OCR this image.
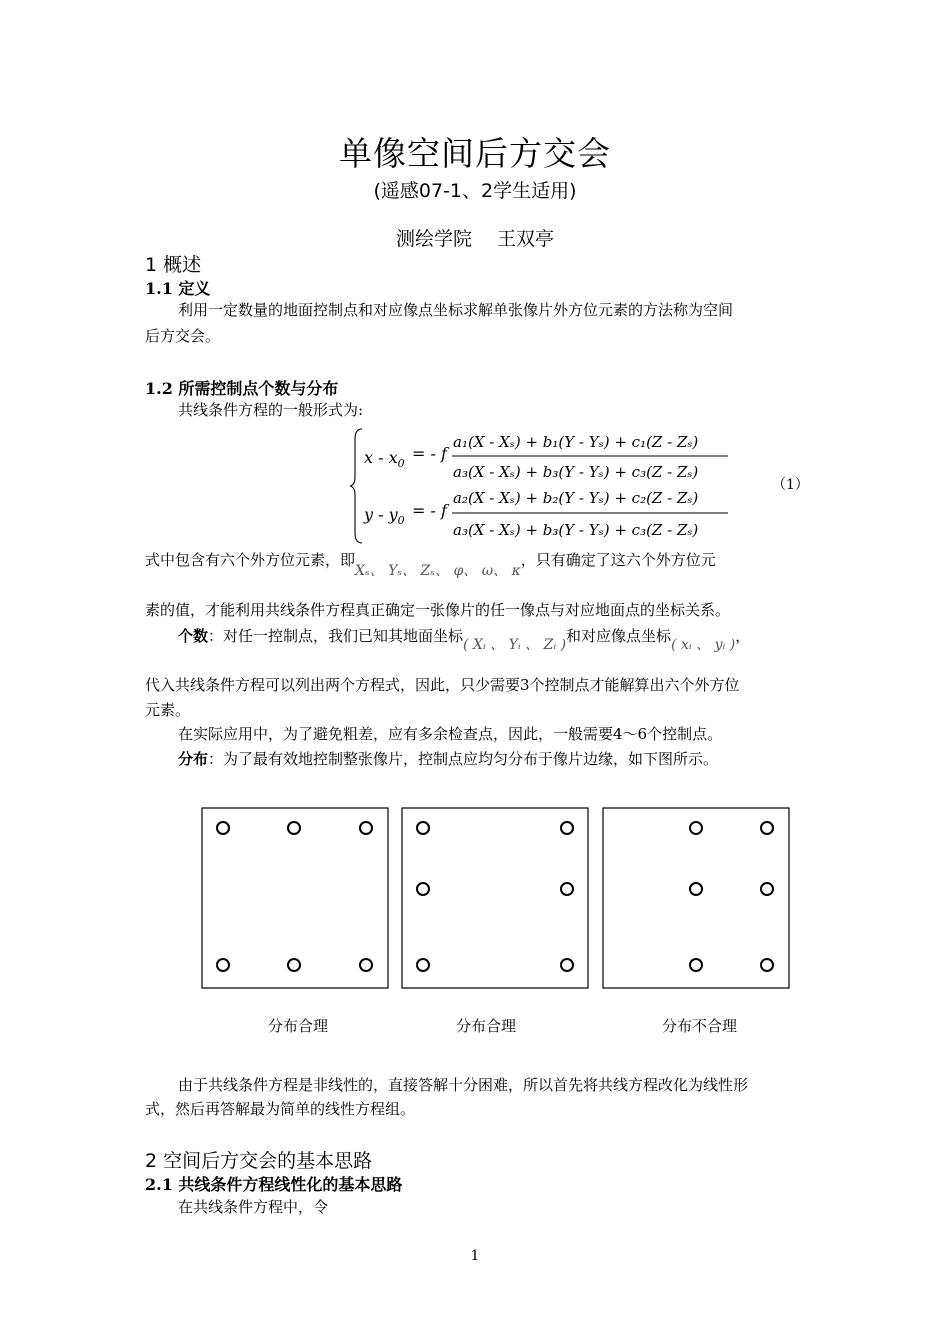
单像空间后方交会
(遥感07-1、2学生适用)
测绘学院　 王双亭
1 概述
1.1 定义
利用一定数量的地面控制点和对应像点坐标求解单张像片外方位元素的方法称为空间
后方交会。
1.2 所需控制点个数与分布
共线条件方程的一般形式为:
x - $x_0$
= - f
a₁(X - Xₛ) + b₁(Y - Yₛ) + c₁(Z - Zₛ)
a₃(X - Xₛ) + b₃(Y - Yₛ) + c₃(Z - Zₛ)
y - $y_0$
= - f
a₂(X - Xₛ) + b₂(Y - Yₛ) + c₂(Z - Zₛ)
a₃(X - Xₛ) + b₃(Y - Yₛ) + c₃(Z - Zₛ)
（1）
式中包含有六个外方位元素，即Xₛ、 Yₛ、 Zₛ、 φ、 ω、 κ，只有确定了这六个外方位元
素的值，才能利用共线条件方程真正确定一张像片的任一像点与对应地面点的坐标关系。
个数：对任一控制点，我们已知其地面坐标( Xᵢ 、 Yᵢ 、 Zᵢ )和对应像点坐标( xᵢ 、 yᵢ )，
代入共线条件方程可以列出两个方程式，因此，只少需要3个控制点才能解算出六个外方位
元素。
在实际应用中，为了避免粗差，应有多余检查点，因此，一般需要4～6个控制点。
分布：为了最有效地控制整张像片，控制点应均匀分布于像片边缘，如下图所示。
分布合理	分布合理	分布不合理
由于共线条件方程是非线性的，直接答解十分困难，所以首先将共线方程改化为线性形
式，然后再答解最为简单的线性方程组。
2 空间后方交会的基本思路
2.1 共线条件方程线性化的基本思路
在共线条件方程中，令
1
